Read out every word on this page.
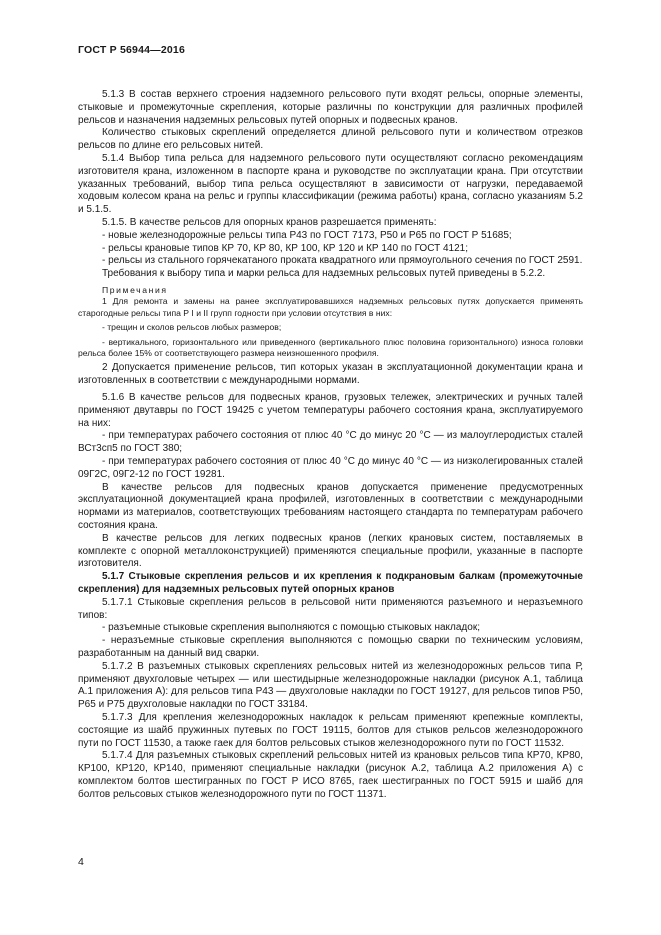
ГОСТ Р 56944—2016

5.1.3 В состав верхнего строения надземного рельсового пути входят рельсы, опорные элементы, стыковые и промежуточные скрепления, которые различны по конструкции для различных профилей рельсов и назначения надземных рельсовых путей опорных и подвесных кранов.

Количество стыковых скреплений определяется длиной рельсового пути и количеством отрезков рельсов по длине его рельсовых нитей.

5.1.4 Выбор типа рельса для надземного рельсового пути осуществляют согласно рекомендациям изготовителя крана, изложенном в паспорте крана и руководстве по эксплуатации крана. При отсутствии указанных требований, выбор типа рельса осуществляют в зависимости от нагрузки, передаваемой ходовым колесом крана на рельс и группы классификации (режима работы) крана, согласно указаниям 5.2 и 5.1.5.

5.1.5. В качестве рельсов для опорных кранов разрешается применять:

- новые железнодорожные рельсы типа Р43 по ГОСТ 7173, Р50 и Р65 по ГОСТ Р 51685;

- рельсы крановые типов КР 70, КР 80, КР 100, КР 120 и КР 140 по ГОСТ 4121;

- рельсы из стального горячекатаного проката квадратного или прямоугольного сечения по ГОСТ 2591.

Требования к выбору типа и марки рельса для надземных рельсовых путей приведены в 5.2.2.

Примечания

1 Для ремонта и замены на ранее эксплуатировавшихся надземных рельсовых путях допускается применять старогодные рельсы типа Р I и II групп годности при условии отсутствия в них:

- трещин и сколов рельсов любых размеров;

- вертикального, горизонтального или приведенного (вертикального плюс половина горизонтального) износа головки рельса более 15% от соответствующего размера неизношенного профиля.

2 Допускается применение рельсов, тип которых указан в эксплуатационной документации крана и изготовленных в соответствии с международными нормами.

5.1.6 В качестве рельсов для подвесных кранов, грузовых тележек, электрических и ручных талей применяют двутавры по ГОСТ 19425 с учетом температуры рабочего состояния крана, эксплуатируемого на них:

- при температурах рабочего состояния от плюс 40 °С до минус 20 °С — из малоуглеродистых сталей ВСт3сп5 по ГОСТ 380;

- при температурах рабочего состояния от плюс 40 °С до минус 40 °С — из низколегированных сталей 09Г2С, 09Г2-12 по ГОСТ 19281.

В качестве рельсов для подвесных кранов допускается применение предусмотренных эксплуатационной документацией крана профилей, изготовленных в соответствии с международными нормами из материалов, соответствующих требованиям настоящего стандарта по температурам рабочего состояния крана.

В качестве рельсов для легких подвесных кранов (легких крановых систем, поставляемых в комплекте с опорной металлоконструкцией) применяются специальные профили, указанные в паспорте изготовителя.

5.1.7 Стыковые скрепления рельсов и их крепления к подкрановым балкам (промежуточные скрепления) для надземных рельсовых путей опорных кранов

5.1.7.1 Стыковые скрепления рельсов в рельсовой нити применяются разъемного и неразъемного типов:

- разъемные стыковые скрепления выполняются с помощью стыковых накладок;

- неразъемные стыковые скрепления выполняются с помощью сварки по техническим условиям, разработанным на данный вид сварки.

5.1.7.2 В разъемных стыковых скреплениях рельсовых нитей из железнодорожных рельсов типа Р, применяют двухголовые четырех — или шестидырные железнодорожные накладки (рисунок А.1, таблица А.1 приложения А): для рельсов типа Р43 — двухголовые накладки по ГОСТ 19127, для рельсов типов Р50, Р65 и Р75 двухголовые накладки по ГОСТ 33184.

5.1.7.3 Для крепления железнодорожных накладок к рельсам применяют крепежные комплекты, состоящие из шайб пружинных путевых по ГОСТ 19115, болтов для стыков рельсов железнодорожного пути по ГОСТ 11530, а также гаек для болтов рельсовых стыков железнодорожного пути по ГОСТ 11532.

5.1.7.4 Для разъемных стыковых скреплений рельсовых нитей из крановых рельсов типа КР70, КР80, КР100, КР120, КР140, применяют специальные накладки (рисунок А.2, таблица А.2 приложения А) с комплектом болтов шестигранных по ГОСТ Р ИСО 8765, гаек шестигранных по ГОСТ 5915 и шайб для болтов рельсовых стыков железнодорожного пути по ГОСТ 11371.

4
